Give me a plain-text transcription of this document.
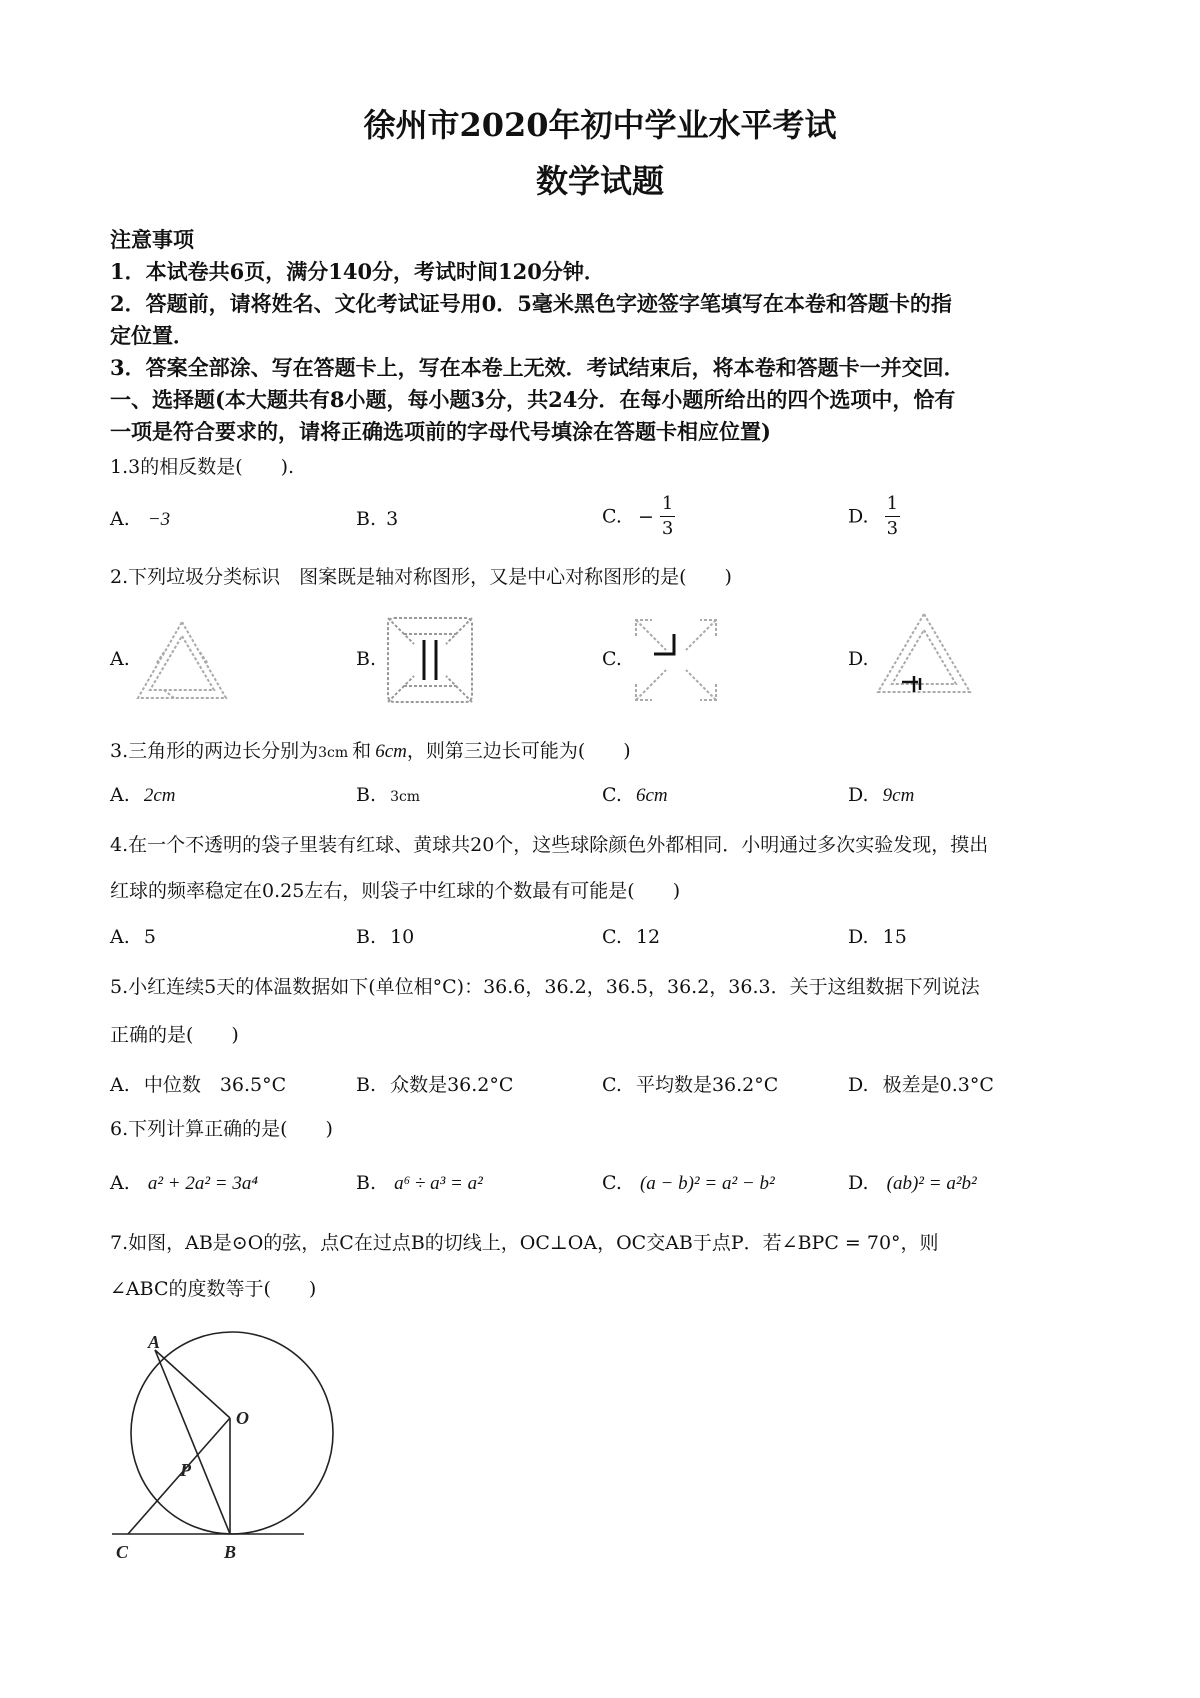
徐州市2020年初中学业水平考试
数学试题
注意事项
1．本试卷共6页，满分140分，考试时间120分钟．
2．答题前，请将姓名、文化考试证号用0．5毫米黑色字迹签字笔填写在本卷和答题卡的指
定位置．
3．答案全部涂、写在答题卡上，写在本卷上无效．考试结束后，将本卷和答题卡一并交回．
一、选择题(本大题共有8小题，每小题3分，共24分．在每小题所给出的四个选项中，恰有
一项是符合要求的，请将正确选项前的字母代号填涂在答题卡相应位置)
1.3的相反数是(　　).
A. −3	B. 3	C. − $\frac{1}{3}$	D. $\frac{1}{3}$
2.下列垃圾分类标识　图案既是轴对称图形，又是中心对称图形的是(　　)
A.	B.	C.	D.
3.三角形的两边长分别为3cm 和 6cm，则第三边长可能为(　　)
A. 2cm	B. 3cm	C. 6cm	D. 9cm
4.在一个不透明的袋子里装有红球、黄球共20个，这些球除颜色外都相同．小明通过多次实验发现，摸出
红球的频率稳定在0.25左右，则袋子中红球的个数最有可能是(　　)
A. 5	B. 10	C. 12	D. 15
5.小红连续5天的体温数据如下(单位相°C)：36.6，36.2，36.5，36.2，36.3．关于这组数据下列说法
正确的是(　　)
A. 中位数　36.5°C	B. 众数是36.2°C	C. 平均数是36.2°C	D. 极差是0.3°C
6.下列计算正确的是(　　)
A. a² + 2a² = 3a⁴	B. a⁶ ÷ a³ = a²	C. (a − b)² = a² − b²	D. (ab)² = a²b²
7.如图，AB是⊙O的弦，点C在过点B的切线上，OC⊥OA，OC交AB于点P．若∠BPC = 70°，则
∠ABC的度数等于(　　)
A
O
P
C	B
